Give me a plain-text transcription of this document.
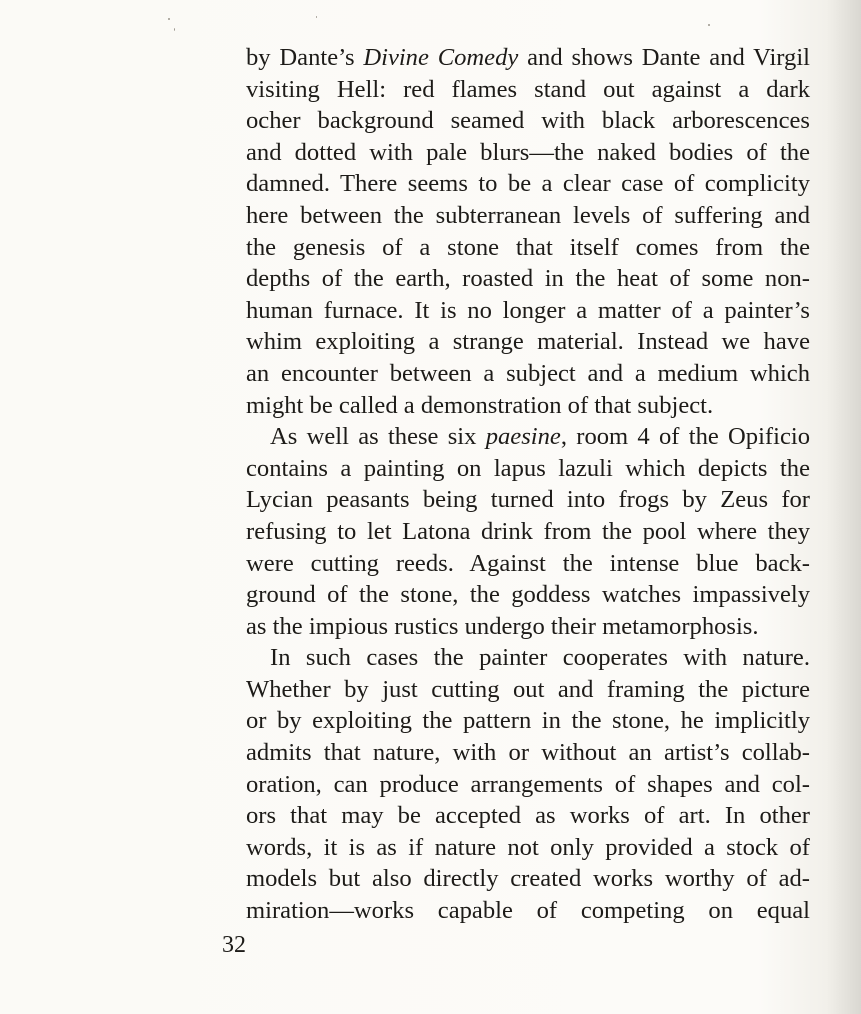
by Dante’s Divine Comedy and shows Dante and Virgil
visiting Hell: red flames stand out against a dark
ocher background seamed with black arborescences
and dotted with pale blurs—the naked bodies of the
damned. There seems to be a clear case of complicity
here between the subterranean levels of suffering and
the genesis of a stone that itself comes from the
depths of the earth, roasted in the heat of some non-
human furnace. It is no longer a matter of a painter’s
whim exploiting a strange material. Instead we have
an encounter between a subject and a medium which
might be called a demonstration of that subject.
As well as these six paesine, room 4 of the Opificio
contains a painting on lapus lazuli which depicts the
Lycian peasants being turned into frogs by Zeus for
refusing to let Latona drink from the pool where they
were cutting reeds. Against the intense blue back-
ground of the stone, the goddess watches impassively
as the impious rustics undergo their metamorphosis.
In such cases the painter cooperates with nature.
Whether by just cutting out and framing the picture
or by exploiting the pattern in the stone, he implicitly
admits that nature, with or without an artist’s collab-
oration, can produce arrangements of shapes and col-
ors that may be accepted as works of art. In other
words, it is as if nature not only provided a stock of
models but also directly created works worthy of ad-
miration—works capable of competing on equal
32
